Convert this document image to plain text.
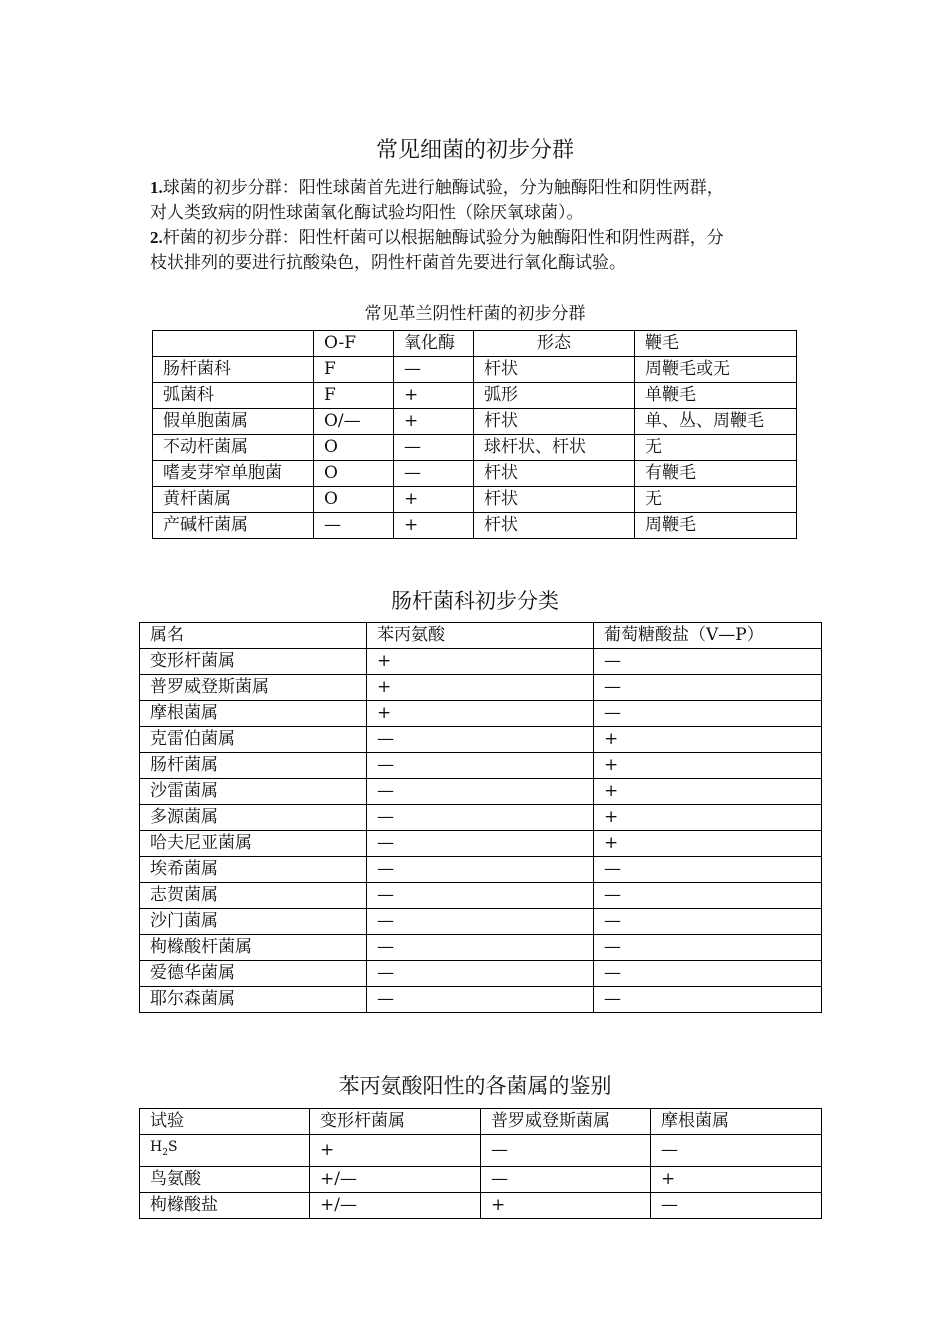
常见细菌的初步分群
1.球菌的初步分群：阳性球菌首先进行触酶试验，分为触酶阳性和阴性两群，
对人类致病的阴性球菌氧化酶试验均阳性（除厌氧球菌）。
2.杆菌的初步分群：阳性杆菌可以根据触酶试验分为触酶阳性和阴性两群，分
枝状排列的要进行抗酸染色，阴性杆菌首先要进行氧化酶试验。
常见革兰阴性杆菌的初步分群
	O-F	氧化酶	形态	鞭毛
肠杆菌科	F	—	杆状	周鞭毛或无
弧菌科	F	+	弧形	单鞭毛
假单胞菌属	O/—	+	杆状	单、丛、周鞭毛
不动杆菌属	O	—	球杆状、杆状	无
嗜麦芽窄单胞菌	O	—	杆状	有鞭毛
黄杆菌属	O	+	杆状	无
产碱杆菌属	—	+	杆状	周鞭毛
肠杆菌科初步分类
属名	苯丙氨酸	葡萄糖酸盐（V—P）
变形杆菌属	+	—
普罗威登斯菌属	+	—
摩根菌属	+	—
克雷伯菌属	—	+
肠杆菌属	—	+
沙雷菌属	—	+
多源菌属	—	+
哈夫尼亚菌属	—	+
埃希菌属	—	—
志贺菌属	—	—
沙门菌属	—	—
枸橼酸杆菌属	—	—
爱德华菌属	—	—
耶尔森菌属	—	—
苯丙氨酸阳性的各菌属的鉴别
试验	变形杆菌属	普罗威登斯菌属	摩根菌属
$H_2S$	+	—	—
鸟氨酸	+/—	—	+
枸橼酸盐	+/—	+	—
